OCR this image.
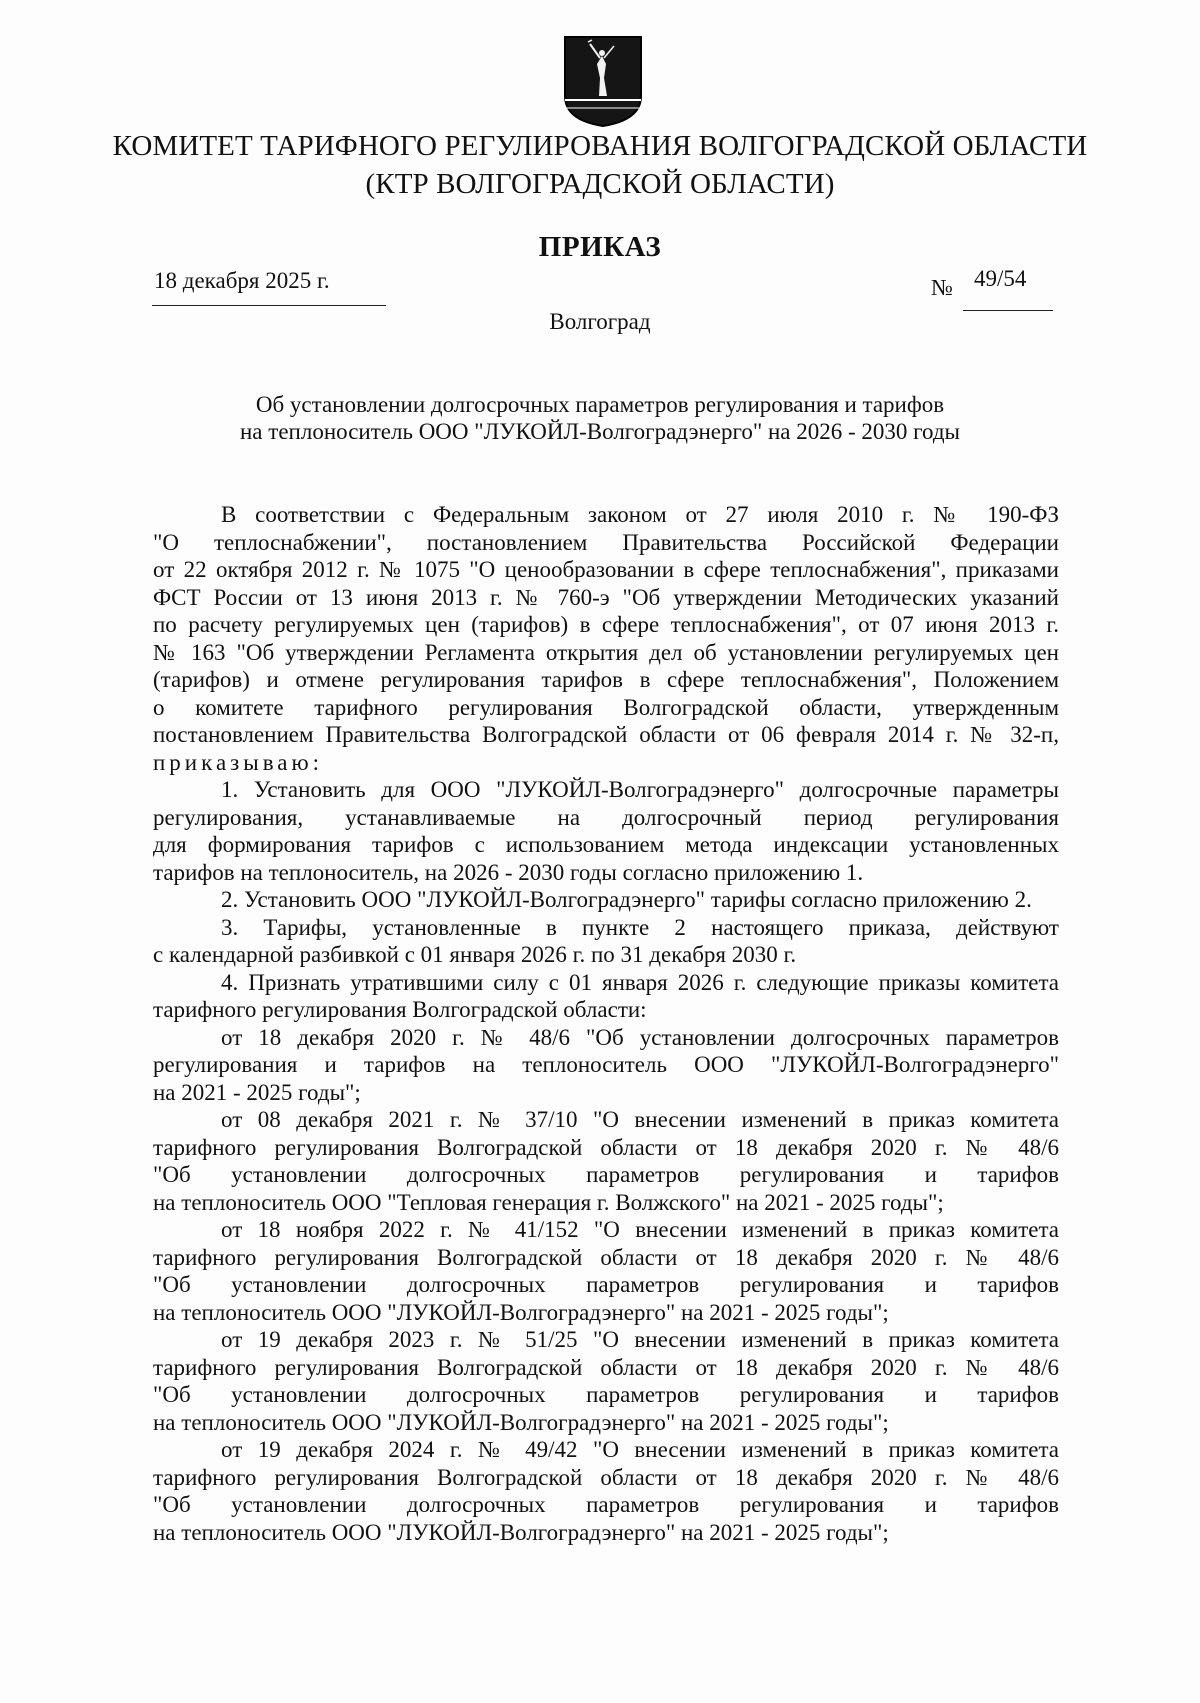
КОМИТЕТ ТАРИФНОГО РЕГУЛИРОВАНИЯ ВОЛГОГРАДСКОЙ ОБЛАСТИ
(КТР ВОЛГОГРАДСКОЙ ОБЛАСТИ)
ПРИКАЗ
18 декабря 2025 г.	№ 49/54
Волгоград
Об установлении долгосрочных параметров регулирования и тарифов
на теплоноситель ООО "ЛУКОЙЛ-Волгоградэнерго" на 2026 - 2030 годы
В соответствии с Федеральным законом от 27 июля 2010 г. № 190-ФЗ
"О теплоснабжении", постановлением Правительства Российской Федерации
от 22 октября 2012 г. № 1075 "О ценообразовании в сфере теплоснабжения", приказами
ФСТ России от 13 июня 2013 г. № 760-э "Об утверждении Методических указаний
по расчету регулируемых цен (тарифов) в сфере теплоснабжения", от 07 июня 2013 г.
№ 163 "Об утверждении Регламента открытия дел об установлении регулируемых цен
(тарифов) и отмене регулирования тарифов в сфере теплоснабжения", Положением
о комитете тарифного регулирования Волгоградской области, утвержденным
постановлением Правительства Волгоградской области от 06 февраля 2014 г. № 32-п,
приказываю:
1. Установить для ООО "ЛУКОЙЛ-Волгоградэнерго" долгосрочные параметры
регулирования, устанавливаемые на долгосрочный период регулирования
для формирования тарифов с использованием метода индексации установленных
тарифов на теплоноситель, на 2026 - 2030 годы согласно приложению 1.
2. Установить ООО "ЛУКОЙЛ-Волгоградэнерго" тарифы согласно приложению 2.
3. Тарифы, установленные в пункте 2 настоящего приказа, действуют
с календарной разбивкой с 01 января 2026 г. по 31 декабря 2030 г.
4. Признать утратившими силу с 01 января 2026 г. следующие приказы комитета
тарифного регулирования Волгоградской области:
от 18 декабря 2020 г. № 48/6 "Об установлении долгосрочных параметров
регулирования и тарифов на теплоноситель ООО "ЛУКОЙЛ-Волгоградэнерго"
на 2021 - 2025 годы";
от 08 декабря 2021 г. № 37/10 "О внесении изменений в приказ комитета
тарифного регулирования Волгоградской области от 18 декабря 2020 г. № 48/6
"Об установлении долгосрочных параметров регулирования и тарифов
на теплоноситель ООО "Тепловая генерация г. Волжского" на 2021 - 2025 годы";
от 18 ноября 2022 г. № 41/152 "О внесении изменений в приказ комитета
тарифного регулирования Волгоградской области от 18 декабря 2020 г. № 48/6
"Об установлении долгосрочных параметров регулирования и тарифов
на теплоноситель ООО "ЛУКОЙЛ-Волгоградэнерго" на 2021 - 2025 годы";
от 19 декабря 2023 г. № 51/25 "О внесении изменений в приказ комитета
тарифного регулирования Волгоградской области от 18 декабря 2020 г. № 48/6
"Об установлении долгосрочных параметров регулирования и тарифов
на теплоноситель ООО "ЛУКОЙЛ-Волгоградэнерго" на 2021 - 2025 годы";
от 19 декабря 2024 г. № 49/42 "О внесении изменений в приказ комитета
тарифного регулирования Волгоградской области от 18 декабря 2020 г. № 48/6
"Об установлении долгосрочных параметров регулирования и тарифов
на теплоноситель ООО "ЛУКОЙЛ-Волгоградэнерго" на 2021 - 2025 годы";
